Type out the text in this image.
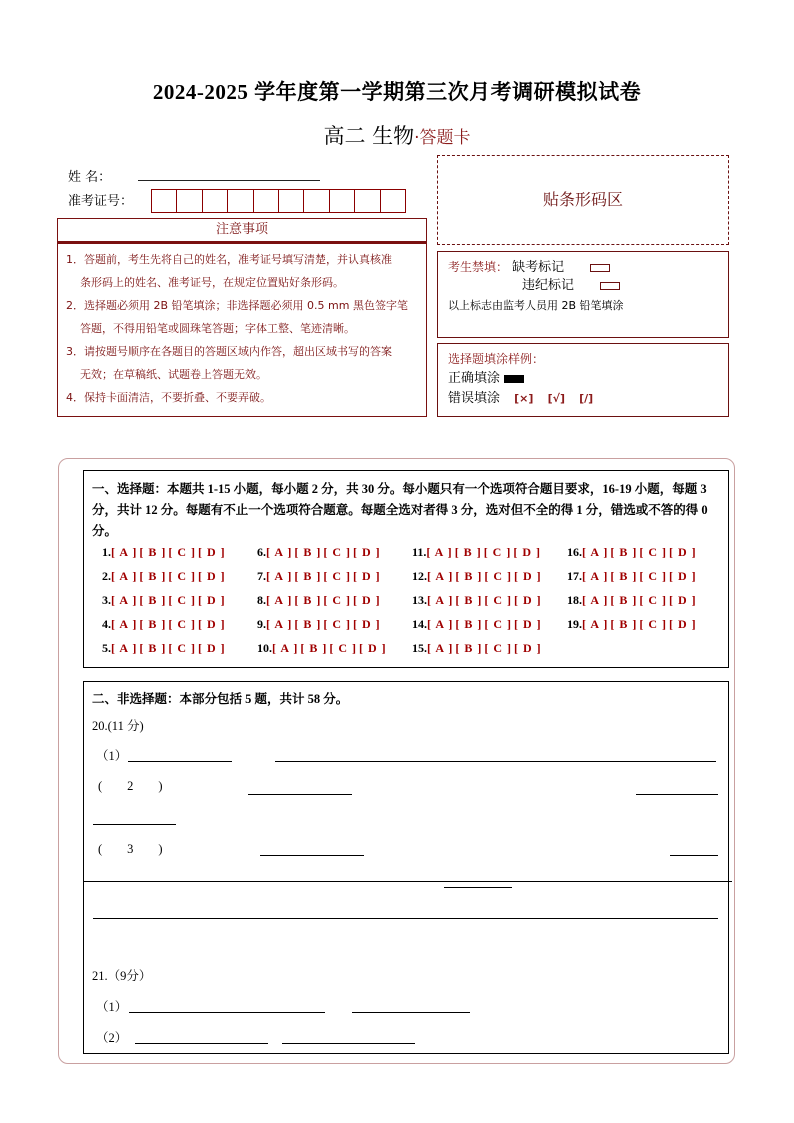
2024-2025 学年度第一学期第三次月考调研模拟试卷
高二 生物·答题卡
姓 名：
准考证号：
注意事项
1．答题前，考生先将自己的姓名，准考证号填写清楚，并认真核准
条形码上的姓名、准考证号，在规定位置贴好条形码。
2．选择题必须用 2B 铅笔填涂；非选择题必须用 0.5 mm 黑色签字笔
答题，不得用铅笔或圆珠笔答题；字体工整、笔迹清晰。
3．请按题号顺序在各题目的答题区域内作答，超出区域书写的答案
无效；在草稿纸、试题卷上答题无效。
4．保持卡面清洁，不要折叠、不要弄破。
贴条形码区
考生禁填： 缺考标记
违纪标记
以上标志由监考人员用 2B 铅笔填涂
选择题填涂样例：
正确填涂
错误填涂 [×] [√] [/]
一、选择题：本题共 1-15 小题，每小题 2 分，共 30 分。每小题只有一个选项符合题目要求，16-19 小题，每题 3 分，共计 12 分。每题有不止一个选项符合题意。每题全选对者得 3 分，选对但不全的得 1 分，错选或不答的得 0 分。
1.[ A ] [ B ] [ C ] [ D ]
2.[ A ] [ B ] [ C ] [ D ]
3.[ A ] [ B ] [ C ] [ D ]
4.[ A ] [ B ] [ C ] [ D ]
5.[ A ] [ B ] [ C ] [ D ]
6.[ A ] [ B ] [ C ] [ D ]
7.[ A ] [ B ] [ C ] [ D ]
8.[ A ] [ B ] [ C ] [ D ]
9.[ A ] [ B ] [ C ] [ D ]
10.[ A ] [ B ] [ C ] [ D ]
11.[ A ] [ B ] [ C ] [ D ]
12.[ A ] [ B ] [ C ] [ D ]
13.[ A ] [ B ] [ C ] [ D ]
14.[ A ] [ B ] [ C ] [ D ]
15.[ A ] [ B ] [ C ] [ D ]
16.[ A ] [ B ] [ C ] [ D ]
17.[ A ] [ B ] [ C ] [ D ]
18.[ A ] [ B ] [ C ] [ D ]
19.[ A ] [ B ] [ C ] [ D ]
二、非选择题：本部分包括 5 题，共计 58 分。
20.(11 分)
（1）
(        2        )
(        3        )
21.（9分）
（1）
（2）
